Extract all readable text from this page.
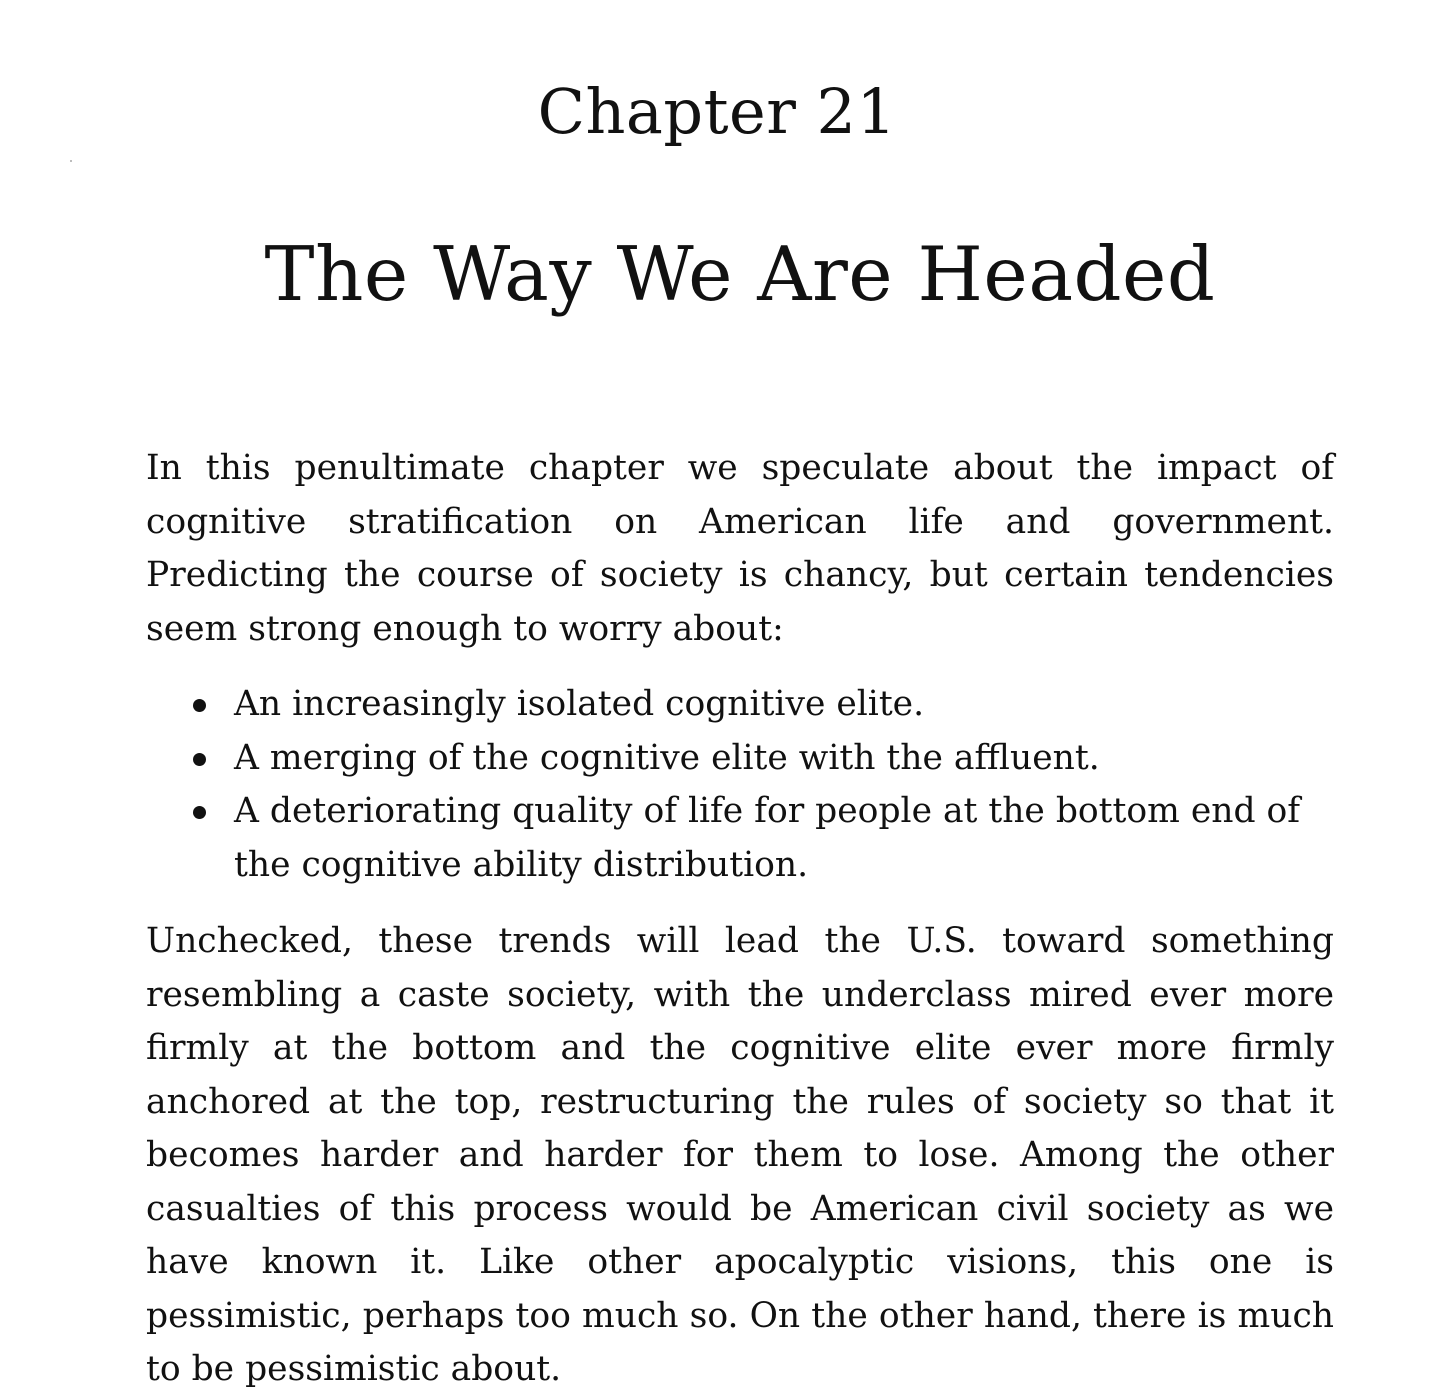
Chapter 21
The Way We Are Headed

In this penultimate chapter we speculate about the impact of cognitive stratification on American life and government. Predicting the course of society is chancy, but certain tendencies seem strong enough to worry about:

An increasingly isolated cognitive elite.
A merging of the cognitive elite with the affluent.
A deteriorating quality of life for people at the bottom end of the cognitive ability distribution.

Unchecked, these trends will lead the U.S. toward something resembling a caste society, with the underclass mired ever more firmly at the bottom and the cognitive elite ever more firmly anchored at the top, restructuring the rules of society so that it becomes harder and harder for them to lose. Among the other casualties of this process would be American civil society as we have known it. Like other apocalyptic visions, this one is pessimistic, perhaps too much so. On the other hand, there is much to be pessimistic about.
